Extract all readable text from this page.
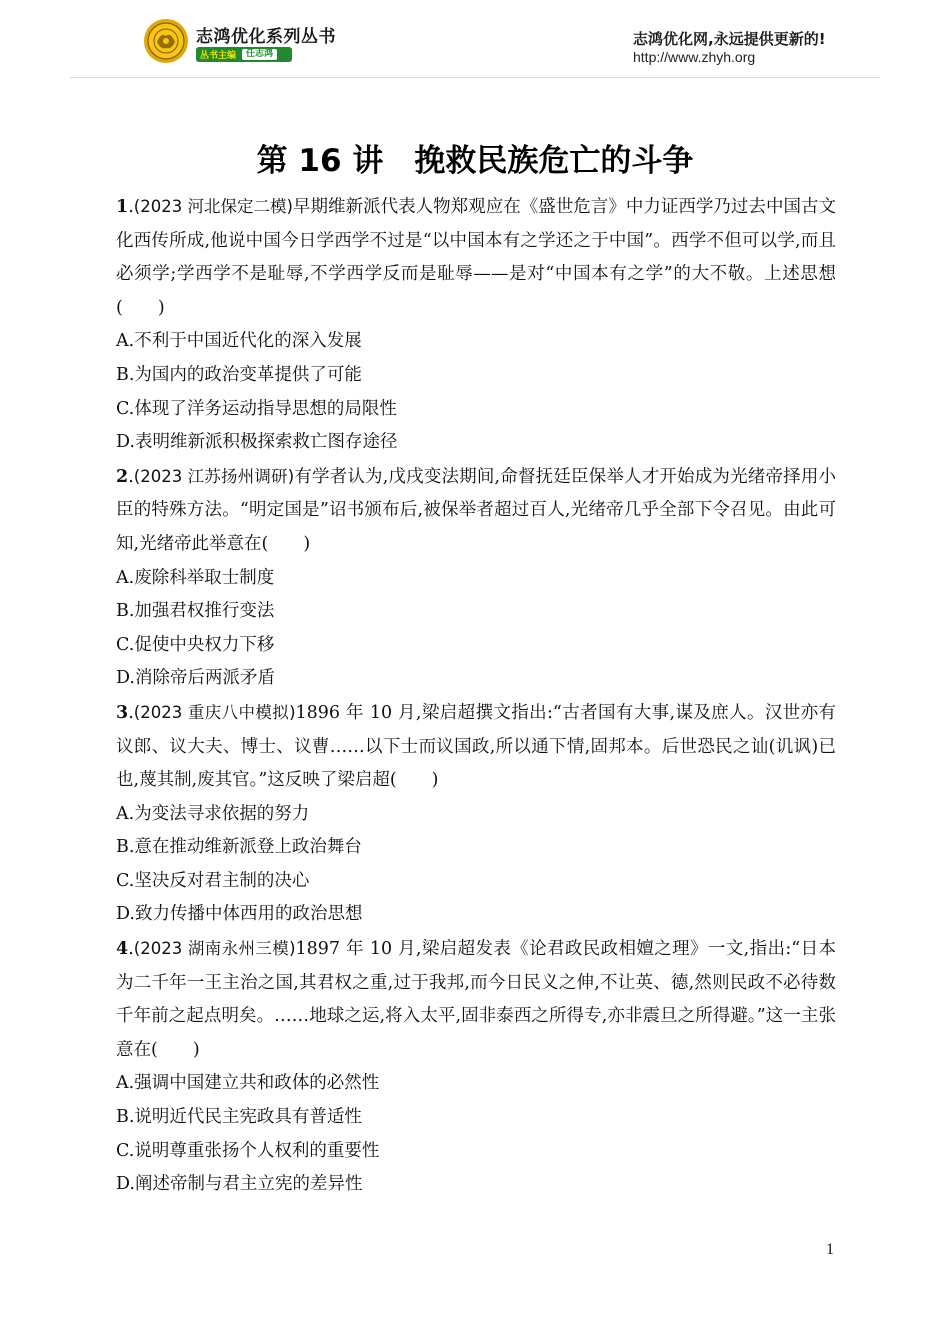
志鸿优化系列丛书
丛书主编	任志鸿
志鸿优化网,永远提供更新的!
http://www.zhyh.org
第 16 讲　挽救民族危亡的斗争

1.(2023 河北保定二模)早期维新派代表人物郑观应在《盛世危言》中力证西学乃过去中国古文化西传所成,他说中国今日学西学不过是“以中国本有之学还之于中国”。西学不但可以学,而且必须学;学西学不是耻辱,不学西学反而是耻辱——是对“中国本有之学”的大不敬。上述思想(　　)

A.不利于中国近代化的深入发展

B.为国内的政治变革提供了可能

C.体现了洋务运动指导思想的局限性

D.表明维新派积极探索救亡图存途径

2.(2023 江苏扬州调研)有学者认为,戊戌变法期间,命督抚廷臣保举人才开始成为光绪帝择用小臣的特殊方法。“明定国是”诏书颁布后,被保举者超过百人,光绪帝几乎全部下令召见。由此可知,光绪帝此举意在(　　)

A.废除科举取士制度

B.加强君权推行变法

C.促使中央权力下移

D.消除帝后两派矛盾

3.(2023 重庆八中模拟)1896 年 10 月,梁启超撰文指出:“古者国有大事,谋及庶人。汉世亦有议郎、议大夫、博士、议曹……以下士而议国政,所以通下情,固邦本。后世恐民之讪(讥讽)已也,蔑其制,废其官。”这反映了梁启超(　　)

A.为变法寻求依据的努力

B.意在推动维新派登上政治舞台

C.坚决反对君主制的决心

D.致力传播中体西用的政治思想

4.(2023 湖南永州三模)1897 年 10 月,梁启超发表《论君政民政相嬗之理》一文,指出:“日本为二千年一王主治之国,其君权之重,过于我邦,而今日民义之伸,不让英、德,然则民政不必待数千年前之起点明矣。……地球之运,将入太平,固非泰西之所得专,亦非震旦之所得避。”这一主张意在(　　)

A.强调中国建立共和政体的必然性

B.说明近代民主宪政具有普适性

C.说明尊重张扬个人权利的重要性

D.阐述帝制与君主立宪的差异性

1
